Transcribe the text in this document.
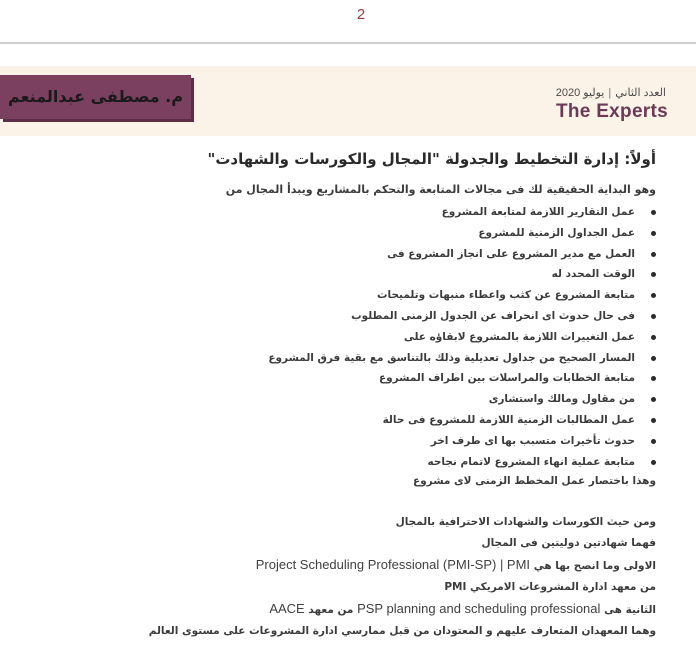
2
م. مصطفى عبدالمنعم	العدد الثاني|يوليو 2020
The Experts
أولاً: إدارة التخطيط والجدولة "المجال والكورسات والشهادت"

وهو البداية الحقيقية لك فى مجالات المتابعة والتحكم بالمشاريع ويبدأ المجال من

عمل التقارير اللازمة لمتابعة المشروع
عمل الجداول الزمنية للمشروع
العمل مع مدير المشروع على انجاز المشروع فى
الوقت المحدد له
متابعة المشروع عن كثب واعطاء منبهات وتلميحات
فى حال حدوث اى انحراف عن الجدول الزمنى المطلوب
عمل التغييرات اللازمة بالمشروع لابقاؤه على
المسار الصحيح من جداول تعديلية وذلك بالتناسق مع بقية فرق المشروع
متابعة الخطابات والمراسلات بين اطراف المشروع
من مقاول ومالك واستشارى
عمل المطالبات الزمنية اللازمة للمشروع فى حالة
حدوث تأخيرات متسبب بها اى طرف اخر
متابعة عملية انهاء المشروع لاتمام نجاحه

وهذا باختصار عمل المخطط الزمنى لاى مشروع

ومن حيث الكورسات والشهادات الاحترافية بالمجال
فهما شهادتين دوليتين فى المجال
الاولى وما انصح بها هي Project Scheduling Professional (PMI-SP) | PMI
من معهد ادارة المشروعات الامريكي PMI
الثانية هى PSP planning and scheduling professional من معهد AACE
وهما المعهدان المتعارف عليهم و المعتودان من قبل ممارسي ادارة المشروعات على مستوى العالم
